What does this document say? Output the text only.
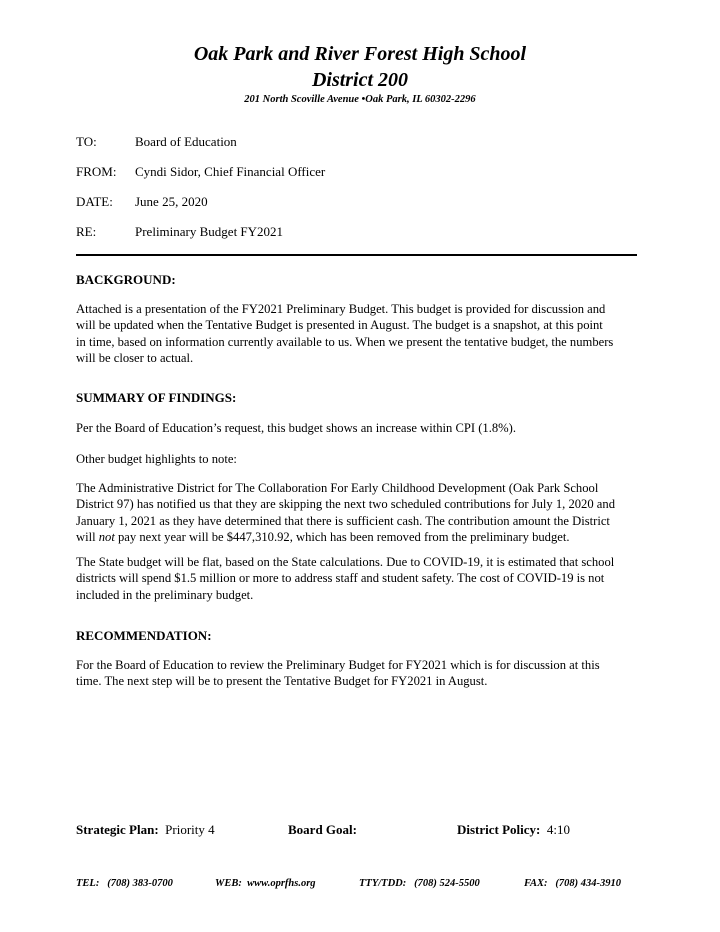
Oak Park and River Forest High School
District 200
201 North Scoville Avenue •Oak Park, IL 60302-2296
TO:	Board of Education
FROM: Cyndi Sidor, Chief Financial Officer
DATE: June 25, 2020
RE:	Preliminary Budget FY2021
BACKGROUND:

Attached is a presentation of the FY2021 Preliminary Budget. This budget is provided for discussion and

will be updated when the Tentative Budget is presented in August. The budget is a snapshot, at this point

in time, based on information currently available to us. When we present the tentative budget, the numbers

will be closer to actual.

SUMMARY OF FINDINGS:

Per the Board of Education’s request, this budget shows an increase within CPI (1.8%).

Other budget highlights to note:

The Administrative District for The Collaboration For Early Childhood Development (Oak Park School

District 97) has notified us that they are skipping the next two scheduled contributions for July 1, 2020 and

January 1, 2021 as they have determined that there is sufficient cash. The contribution amount the District

will not pay next year will be $447,310.92, which has been removed from the preliminary budget.

The State budget will be flat, based on the State calculations. Due to COVID-19, it is estimated that school

districts will spend $1.5 million or more to address staff and student safety. The cost of COVID-19 is not

included in the preliminary budget.

RECOMMENDATION:

For the Board of Education to review the Preliminary Budget for FY2021 which is for discussion at this

time. The next step will be to present the Tentative Budget for FY2021 in August.

Strategic Plan: Priority 4	Board Goal:	District Policy: 4:10
TEL:   (708) 383-0700	WEB:  www.oprfhs.org	TTY/TDD:   (708) 524-5500	FAX:   (708) 434-3910
